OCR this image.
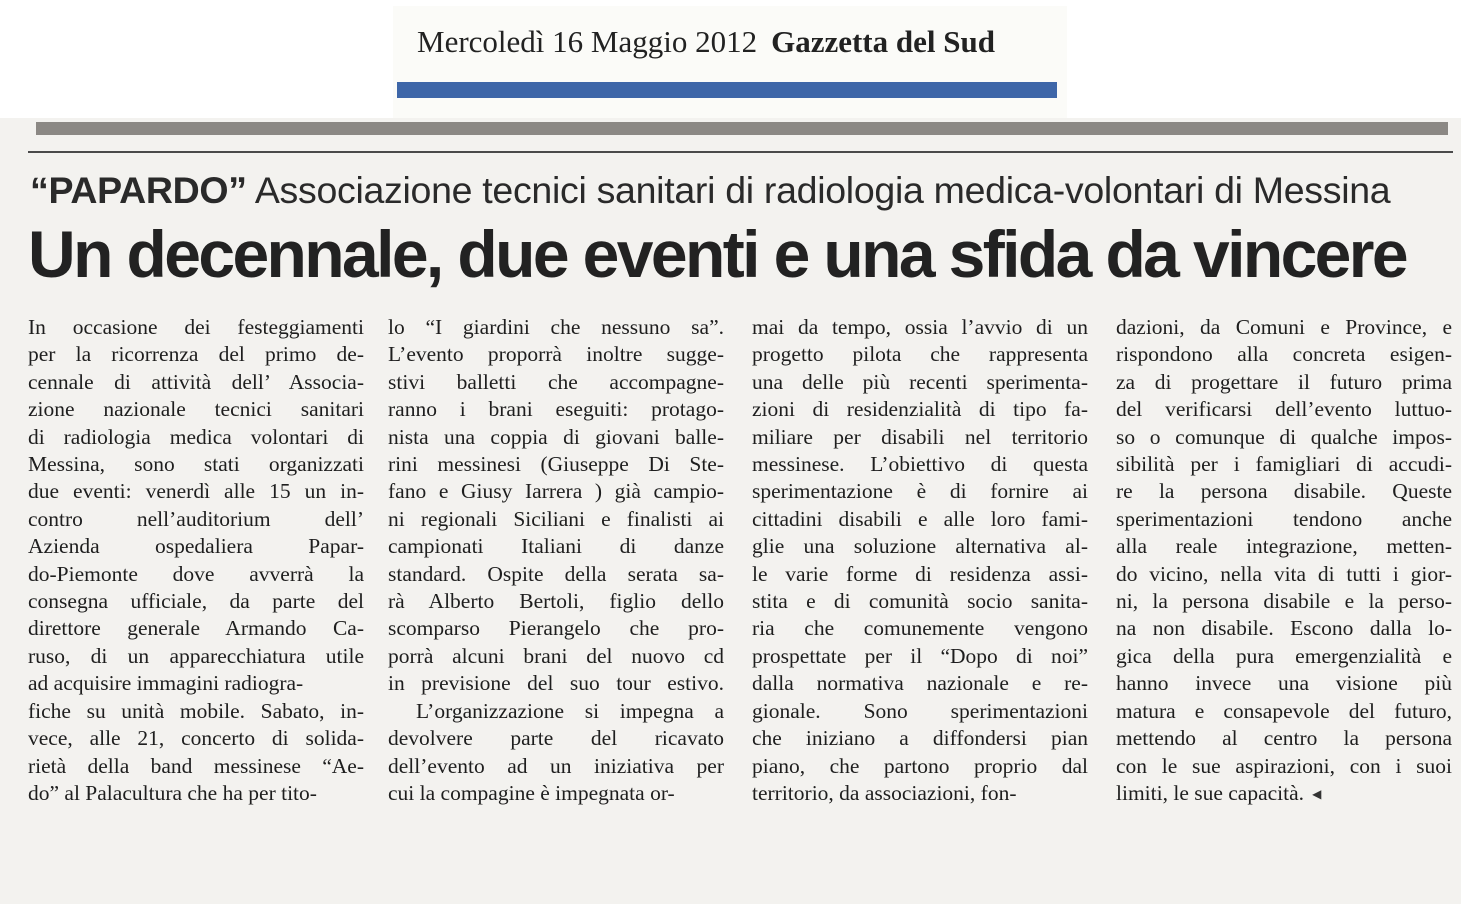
Mercoledì 16 Maggio 2012 Gazzetta del Sud
“PAPARDO” Associazione tecnici sanitari di radiologia medica-volontari di Messina
Un decennale, due eventi e una sfida da vincere
In occasione dei festeggiamenti
per la ricorrenza del primo de-
cennale di attività dell’ Associa-
zione nazionale tecnici sanitari
di radiologia medica volontari di
Messina, sono stati organizzati
due eventi: venerdì alle 15 un in-
contro nell’auditorium dell’
Azienda ospedaliera Papar-
do-Piemonte dove avverrà la
consegna ufficiale, da parte del
direttore generale Armando Ca-
ruso, di un apparecchiatura utile
ad acquisire immagini radiogra-
fiche su unità mobile. Sabato, in-
vece, alle 21, concerto di solida-
rietà della band messinese “Ae-
do” al Palacultura che ha per tito-
lo “I giardini che nessuno sa”.
L’evento proporrà inoltre sugge-
stivi balletti che accompagne-
ranno i brani eseguiti: protago-
nista una coppia di giovani balle-
rini messinesi (Giuseppe Di Ste-
fano e Giusy Iarrera ) già campio-
ni regionali Siciliani e finalisti ai
campionati Italiani di danze
standard. Ospite della serata sa-
rà Alberto Bertoli, figlio dello
scomparso Pierangelo che pro-
porrà alcuni brani del nuovo cd
in previsione del suo tour estivo.
L’organizzazione si impegna a
devolvere parte del ricavato
dell’evento ad un iniziativa per
cui la compagine è impegnata or-
mai da tempo, ossia l’avvio di un
progetto pilota che rappresenta
una delle più recenti sperimenta-
zioni di residenzialità di tipo fa-
miliare per disabili nel territorio
messinese. L’obiettivo di questa
sperimentazione è di fornire ai
cittadini disabili e alle loro fami-
glie una soluzione alternativa al-
le varie forme di residenza assi-
stita e di comunità socio sanita-
ria che comunemente vengono
prospettate per il “Dopo di noi”
dalla normativa nazionale e re-
gionale. Sono sperimentazioni
che iniziano a diffondersi pian
piano, che partono proprio dal
territorio, da associazioni, fon-
dazioni, da Comuni e Province, e
rispondono alla concreta esigen-
za di progettare il futuro prima
del verificarsi dell’evento luttuo-
so o comunque di qualche impos-
sibilità per i famigliari di accudi-
re la persona disabile. Queste
sperimentazioni tendono anche
alla reale integrazione, metten-
do vicino, nella vita di tutti i gior-
ni, la persona disabile e la perso-
na non disabile. Escono dalla lo-
gica della pura emergenzialità e
hanno invece una visione più
matura e consapevole del futuro,
mettendo al centro la persona
con le sue aspirazioni, con i suoi
limiti, le sue capacità. ◀
